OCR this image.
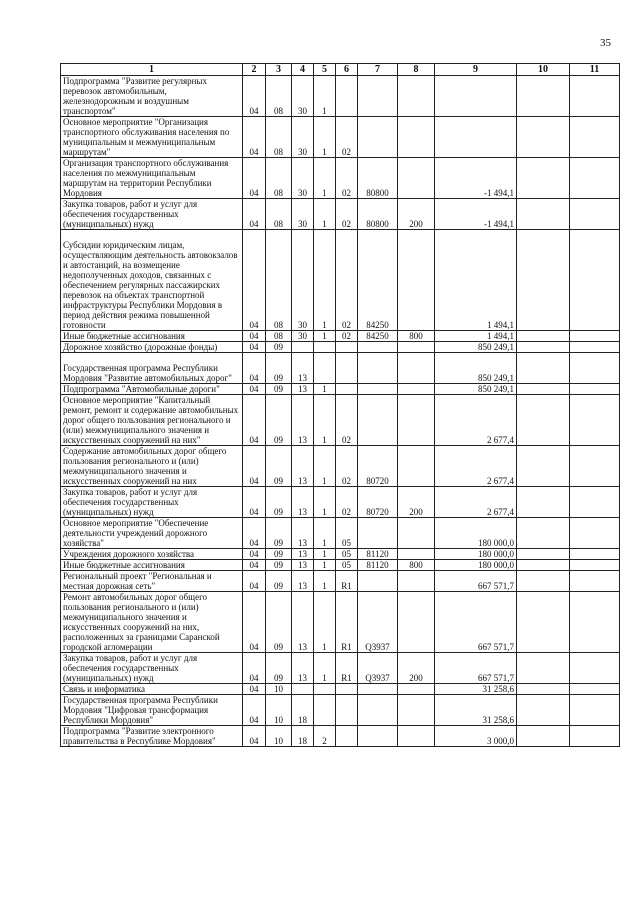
35
1	2	3	4	5	6	7	8	9	10	11
Подпрограмма "Развитие регулярных перевозок автомобильным, железнодорожным и воздушным транспортом"	04	08	30	1						
Основное мероприятие "Организация транспортного обслуживания населения по муниципальным и межмуниципальным маршрутам"	04	08	30	1	02					
Организация транспортного обслуживания населения по межмуниципальным маршрутам на территории Республики Мордовия	04	08	30	1	02	80800		-1 494,1		
Закупка товаров, работ и услуг для обеспечения государственных (муниципальных) нужд	04	08	30	1	02	80800	200	-1 494,1		
Субсидии юридическим лицам, осуществляющим деятельность автовокзалов и автостанций, на возмещение недополученных доходов, связанных с обеспечением регулярных пассажирских перевозок на объектах транспортной инфраструктуры Республики Мордовия в период действия режима повышенной готовности	04	08	30	1	02	84250		1 494,1		
Иные бюджетные ассигнования	04	08	30	1	02	84250	800	1 494,1		
Дорожное хозяйство (дорожные фонды)	04	09						850 249,1		
Государственная программа Республики Мордовия "Развитие автомобильных дорог"	04	09	13					850 249,1		
Подпрограмма "Автомобильные дороги"	04	09	13	1				850 249,1		
Основное мероприятие "Капитальный ремонт, ремонт и содержание автомобильных дорог общего пользования регионального и (или) межмуниципального значения и искусственных сооружений на них"	04	09	13	1	02			2 677,4		
Содержание автомобильных дорог общего пользования регионального и (или) межмуниципального значения и искусственных сооружений на них	04	09	13	1	02	80720		2 677,4		
Закупка товаров, работ и услуг для обеспечения государственных (муниципальных) нужд	04	09	13	1	02	80720	200	2 677,4		
Основное мероприятие "Обеспечение деятельности учреждений дорожного хозяйства"	04	09	13	1	05			180 000,0		
Учреждения дорожного хозяйства	04	09	13	1	05	81120		180 000,0		
Иные бюджетные ассигнования	04	09	13	1	05	81120	800	180 000,0		
Региональный проект "Региональная и местная дорожная сеть"	04	09	13	1	R1			667 571,7		
Ремонт автомобильных дорог общего пользования регионального и (или) межмуниципального значения и искусственных сооружений на них, расположенных за границами Саранской городской агломерации	04	09	13	1	R1	Q3937		667 571,7		
Закупка товаров, работ и услуг для обеспечения государственных (муниципальных) нужд	04	09	13	1	R1	Q3937	200	667 571,7		
Связь и информатика	04	10						31 258,6		
Государственная программа Республики Мордовия "Цифровая трансформация Республики Мордовия"	04	10	18					31 258,6		
Подпрограмма "Развитие электронного правительства в Республике Мордовия"	04	10	18	2				3 000,0		
